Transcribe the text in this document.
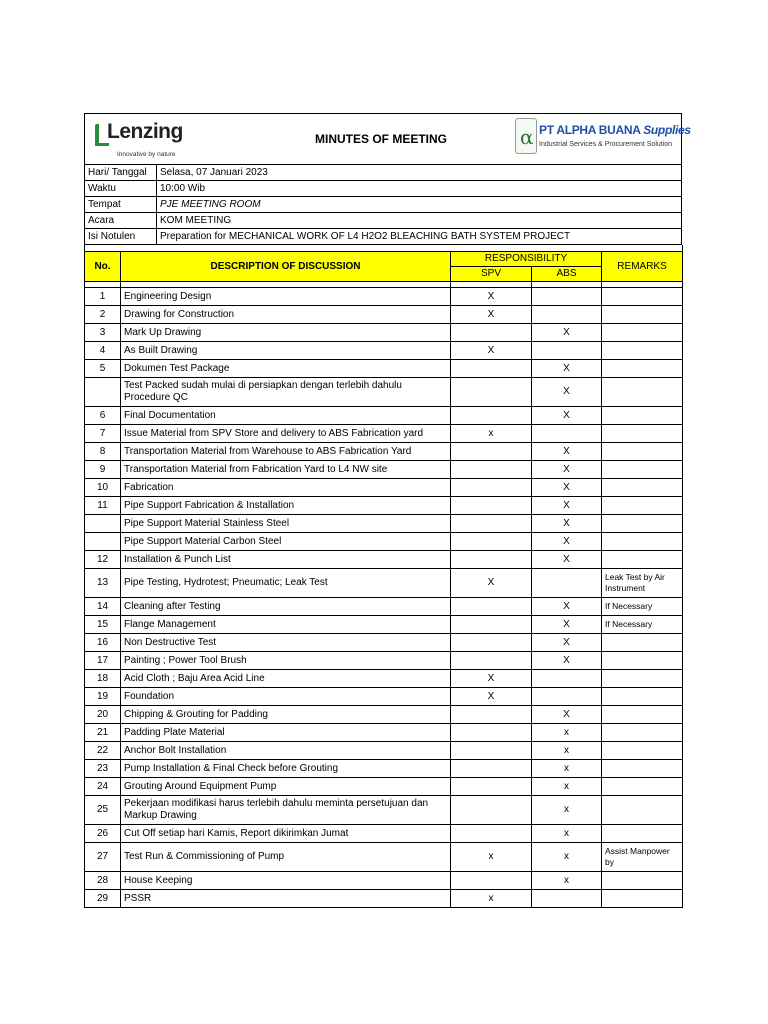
Lenzing
Innovative by nature
MINUTES OF MEETING	α PT ALPHA BUANA Supplies
Industrial Services & Procurement Solution
Hari/ Tanggal	Selasa, 07 Januari 2023
Waktu	10:00 Wib
Tempat	PJE MEETING ROOM
Acara	KOM MEETING
Isi Notulen	Preparation for MECHANICAL WORK OF L4 H2O2 BLEACHING BATH SYSTEM PROJECT

No.	DESCRIPTION OF DISCUSSION	RESPONSIBILITY		REMARKS
		SPV	ABS	

1	Engineering Design	X		
2	Drawing for Construction	X		
3	Mark Up Drawing		X	
4	As Built Drawing	X		
5	Dokumen Test Package		X	
	Test Packed sudah mulai di persiapkan dengan terlebih dahulu Procedure QC		X	
6	Final Documentation		X	
7	Issue Material from SPV Store and delivery to ABS Fabrication yard	x		
8	Transportation Material from Warehouse to ABS Fabrication Yard		X	
9	Transportation Material from Fabrication Yard to L4 NW site		X	
10	Fabrication		X	
11	Pipe Support Fabrication & Installation		X	
	Pipe Support Material Stainless Steel		X	
	Pipe Support Material Carbon Steel		X	
12	Installation & Punch List		X	
13	Pipe Testing, Hydrotest; Pneumatic; Leak Test	X		Leak Test by Air Instrument
14	Cleaning after Testing		X	If Necessary
15	Flange Management		X	If Necessary
16	Non Destructive Test		X	
17	Painting ; Power Tool Brush		X	
18	Acid Cloth ; Baju Area Acid Line	X		
19	Foundation	X		
20	Chipping & Grouting for Padding		X	
21	Padding Plate Material		x	
22	Anchor Bolt Installation		x	
23	Pump Installation & Final Check before Grouting		x	
24	Grouting Around Equipment Pump		x	
25	Pekerjaan modifikasi harus terlebih dahulu meminta persetujuan dan Markup Drawing		x	
26	Cut Off setiap hari Kamis, Report dikirimkan Jumat		x	
27	Test Run & Commissioning of Pump	x	x	Assist Manpower by
28	House Keeping		x	
29	PSSR	x		
